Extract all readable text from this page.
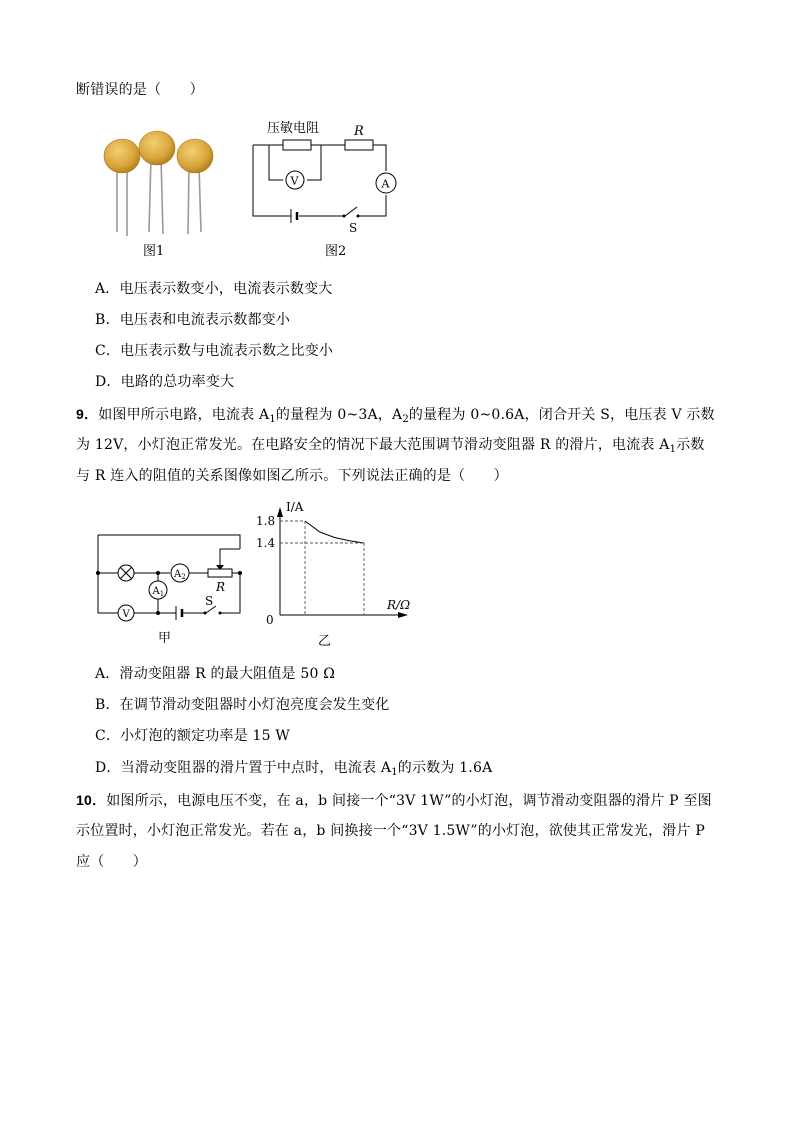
断错误的是（　　）
图1
压敏电阻	R
V	A
S
图2
A．电压表示数变小，电流表示数变大
B．电压表和电流表示数都变小
C．电压表示数与电流表示数之比变小
D．电路的总功率变大
9．如图甲所示电路，电流表 $A_1$的量程为 0~3A，$A_2$的量程为 0~0.6A，闭合开关 S，电压表 V 示数
为 12V，小灯泡正常发光。在电路安全的情况下最大范围调节滑动变阻器 R 的滑片，电流表 $A_1$示数
与 R 连入的阻值的关系图像如图乙所示。下列说法正确的是（　　）
$A_2$
$A_1$	R
V
S
甲
1.4
1.8
I/A
R/Ω
0
乙
A．滑动变阻器 R 的最大阻值是 50 Ω
B．在调节滑动变阻器时小灯泡亮度会发生变化
C．小灯泡的额定功率是 15 W
D．当滑动变阻器的滑片置于中点时，电流表 $A_1$的示数为 1.6A
10．如图所示，电源电压不变，在 a，b 间接一个“3V 1W”的小灯泡，调节滑动变阻器的滑片 P 至图
示位置时，小灯泡正常发光。若在 a，b 间换接一个“3V 1.5W”的小灯泡，欲使其正常发光，滑片 P
应（　　）
